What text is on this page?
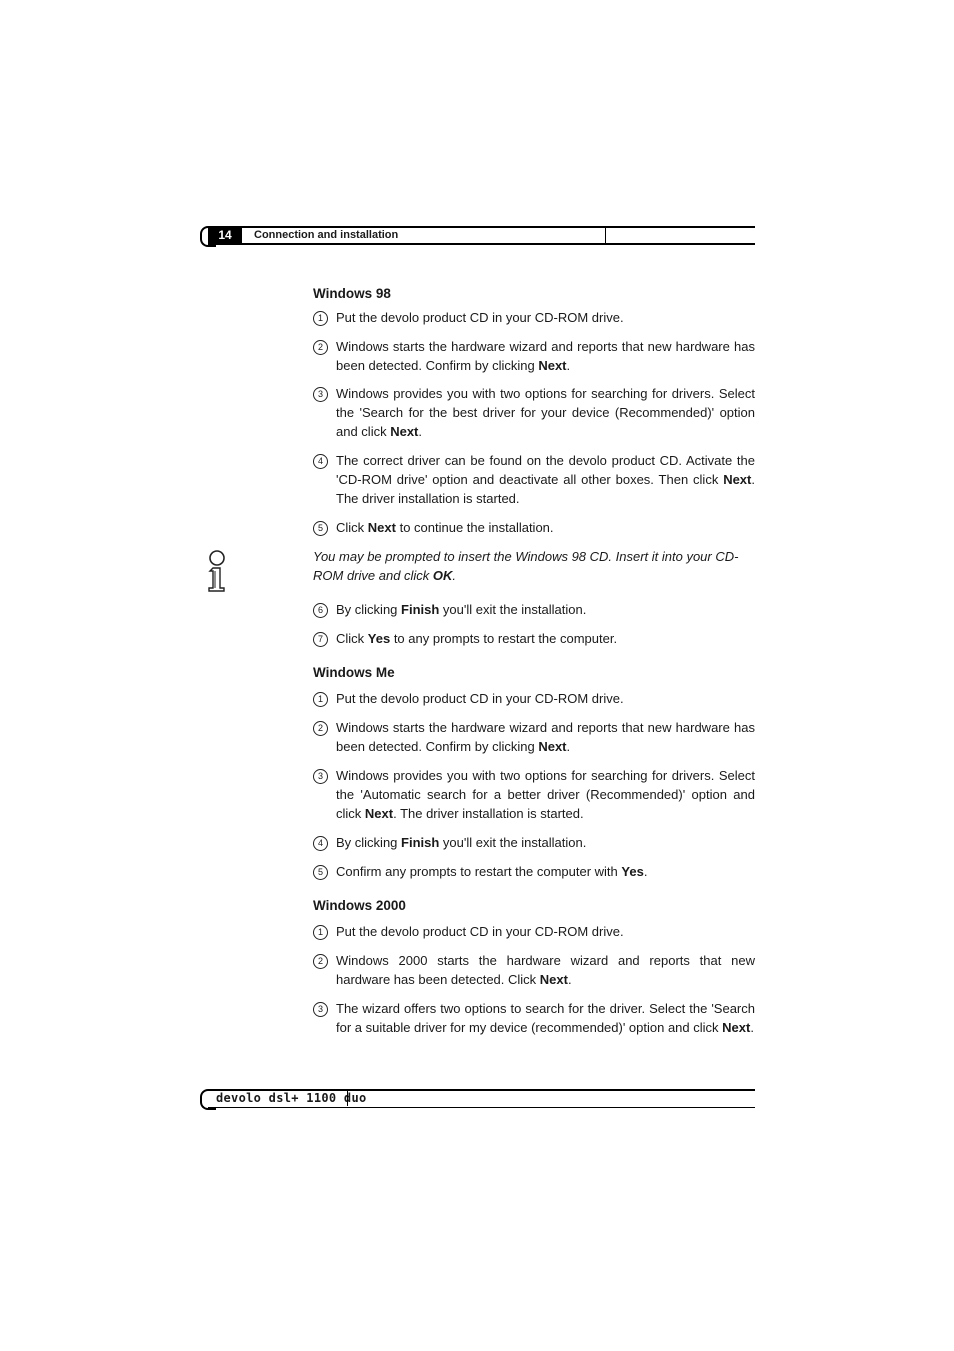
14	Connection and installation

Windows 98

1	Put the devolo product CD in your CD-ROM drive.
2	Windows starts the hardware wizard and reports that new hardware has been detected. Confirm by clicking Next.
3	Windows provides you with two options for searching for drivers. Select the 'Search for the best driver for your device (Recommended)' option and click Next.
4	The correct driver can be found on the devolo product CD. Activate the 'CD-ROM drive' option and deactivate all other boxes. Then click Next. The driver installation is started.
5	Click Next to continue the installation.
You may be prompted to insert the Windows 98 CD. Insert it into your CD-ROM drive and click OK.
6	By clicking Finish you'll exit the installation.
7	Click Yes to any prompts to restart the computer.

Windows Me

1	Put the devolo product CD in your CD-ROM drive.
2	Windows starts the hardware wizard and reports that new hardware has been detected. Confirm by clicking Next.
3	Windows provides you with two options for searching for drivers. Select the 'Automatic search for a better driver (Recommended)' option and click Next. The driver installation is started.
4	By clicking Finish you'll exit the installation.
5	Confirm any prompts to restart the computer with Yes.

Windows 2000

1	Put the devolo product CD in your CD-ROM drive.
2	Windows 2000 starts the hardware wizard and reports that new hardware has been detected. Click Next.
3	The wizard offers two options to search for the driver. Select the 'Search for a suitable driver for my device (recommended)' option and click Next.
devolo dsl+ 1100 duo
